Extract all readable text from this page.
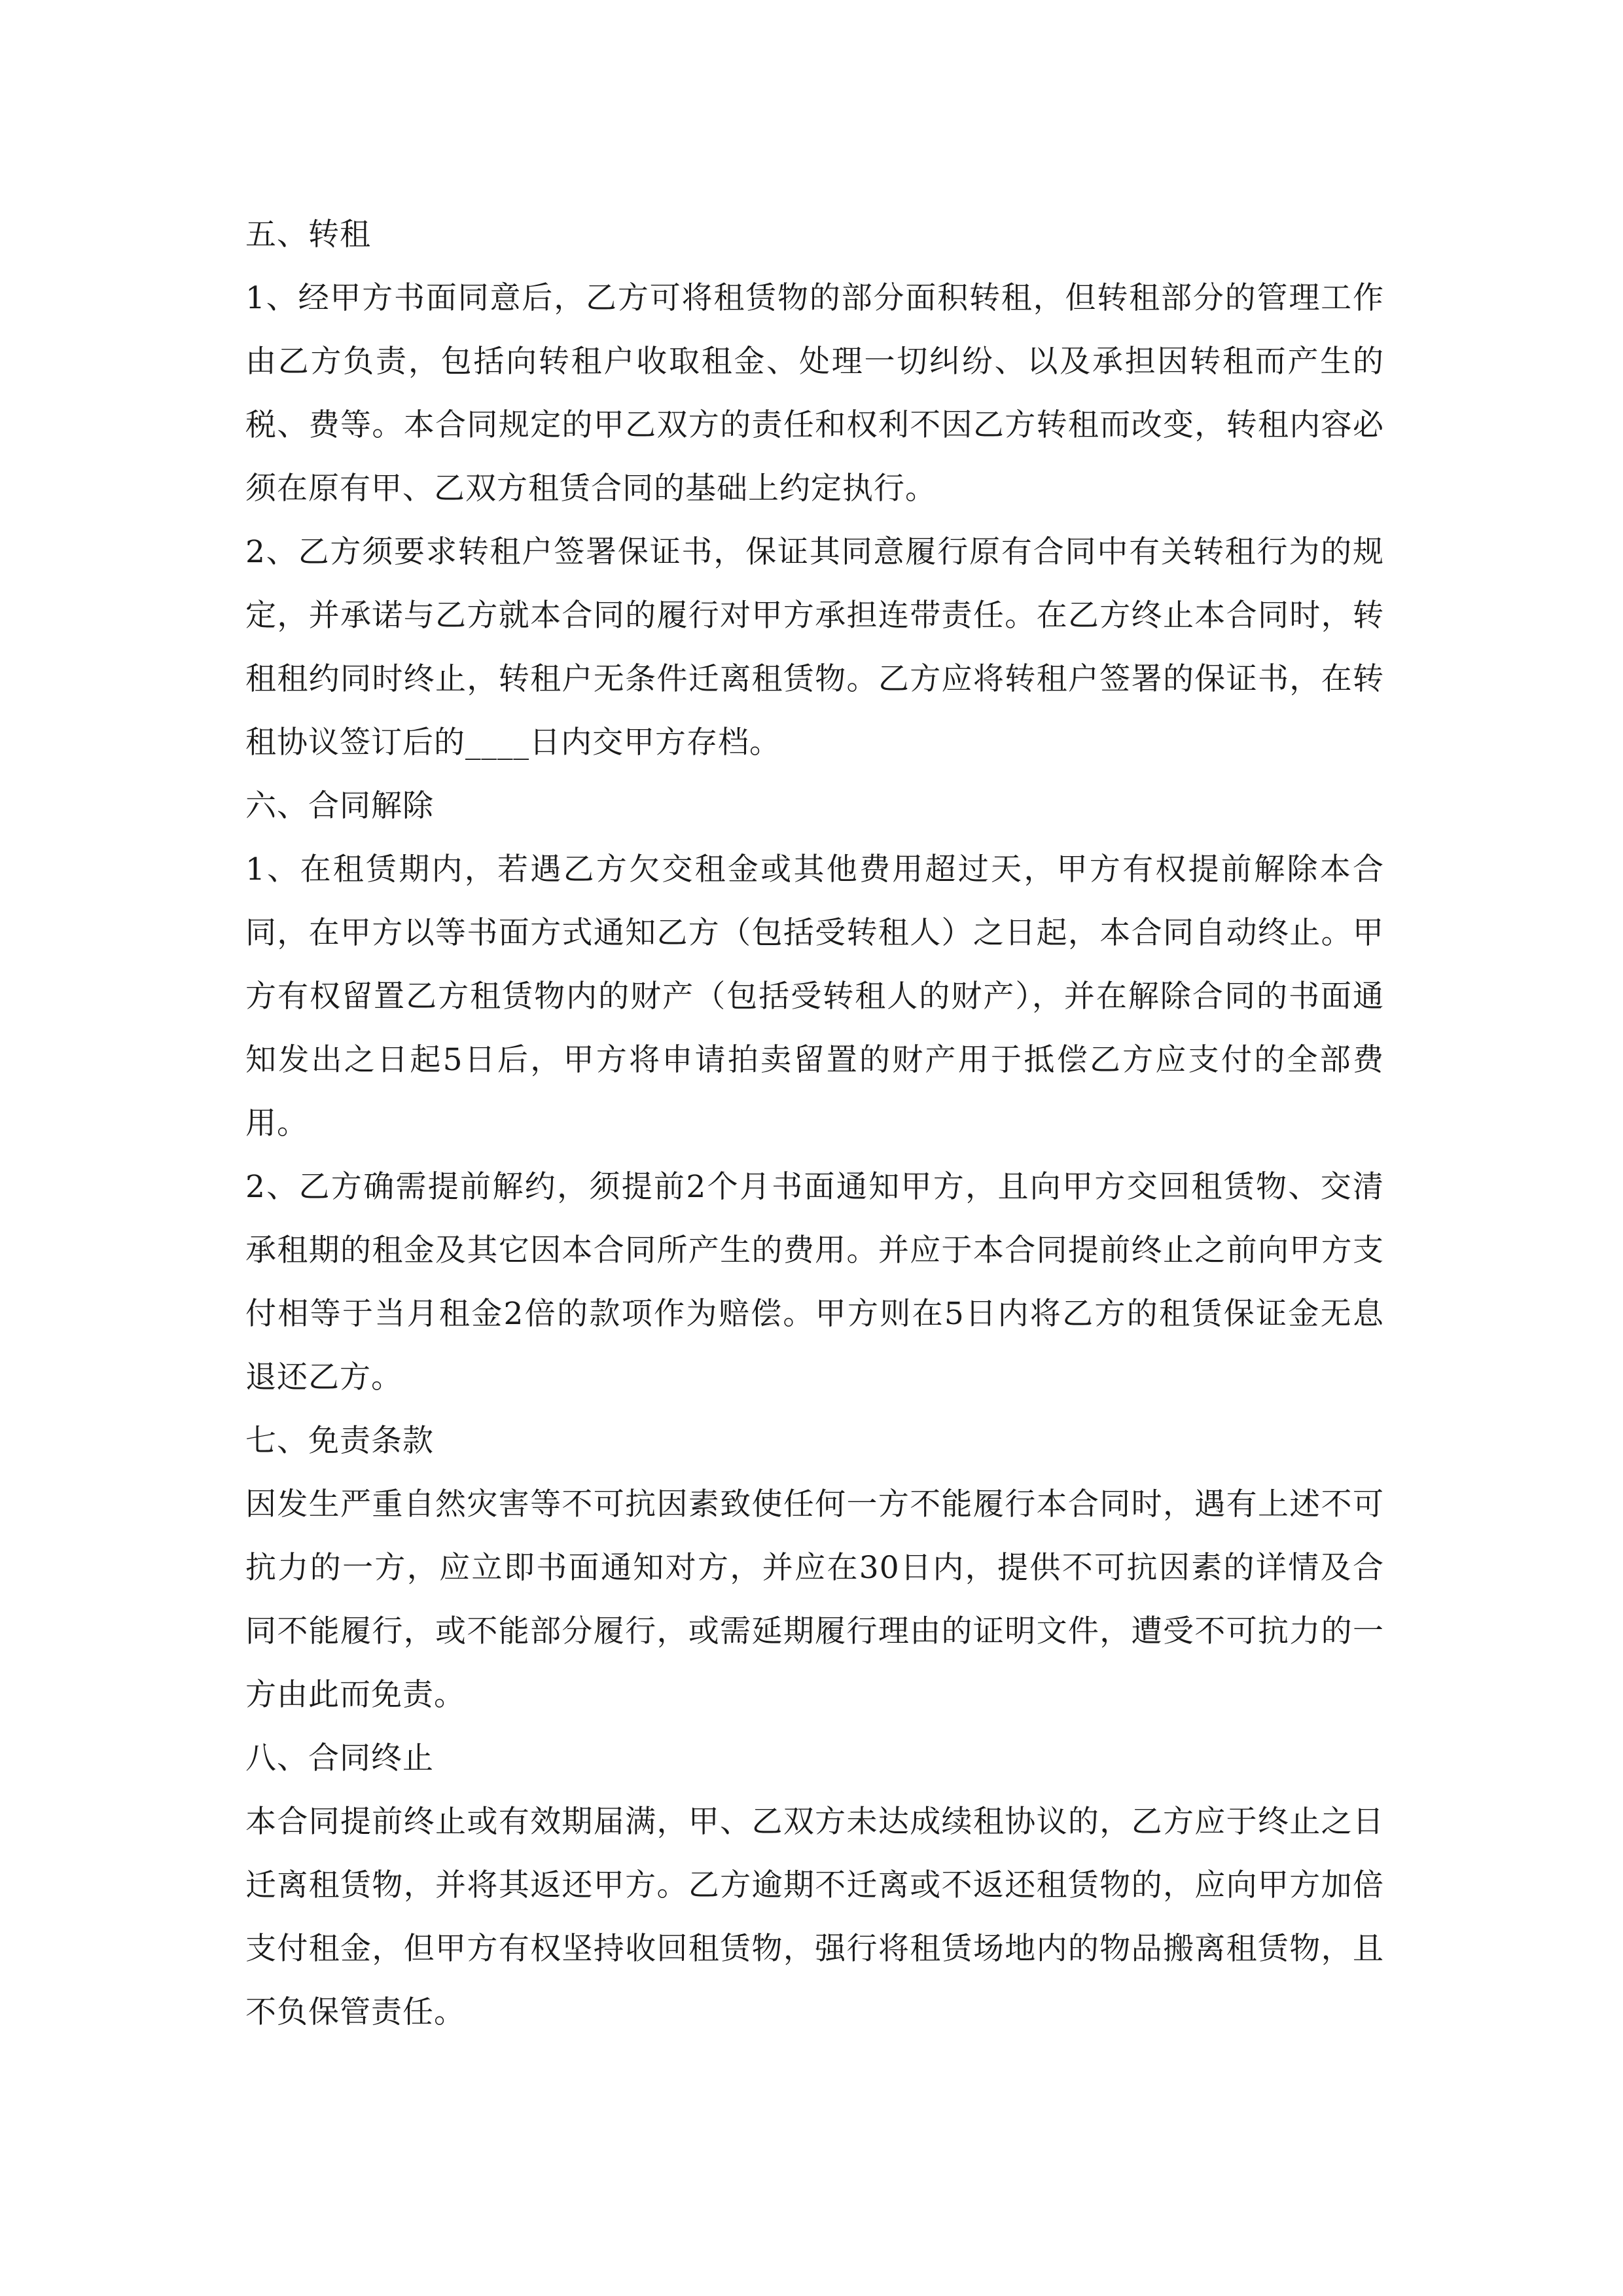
五、转租

1、经甲方书面同意后，乙方可将租赁物的部分面积转租，但转租部分的管理工作由乙方负责，包括向转租户收取租金、处理一切纠纷、以及承担因转租而产生的税、费等。本合同规定的甲乙双方的责任和权利不因乙方转租而改变，转租内容必须在原有甲、乙双方租赁合同的基础上约定执行。

2、乙方须要求转租户签署保证书，保证其同意履行原有合同中有关转租行为的规定，并承诺与乙方就本合同的履行对甲方承担连带责任。在乙方终止本合同时，转租租约同时终止，转租户无条件迁离租赁物。乙方应将转租户签署的保证书，在转租协议签订后的____日内交甲方存档。

六、合同解除

1、在租赁期内，若遇乙方欠交租金或其他费用超过天，甲方有权提前解除本合同，在甲方以等书面方式通知乙方（包括受转租人）之日起，本合同自动终止。甲方有权留置乙方租赁物内的财产（包括受转租人的财产），并在解除合同的书面通知发出之日起5日后，甲方将申请拍卖留置的财产用于抵偿乙方应支付的全部费用。

2、乙方确需提前解约，须提前2个月书面通知甲方，且向甲方交回租赁物、交清承租期的租金及其它因本合同所产生的费用。并应于本合同提前终止之前向甲方支付相等于当月租金2倍的款项作为赔偿。甲方则在5日内将乙方的租赁保证金无息退还乙方。

七、免责条款

因发生严重自然灾害等不可抗因素致使任何一方不能履行本合同时，遇有上述不可抗力的一方，应立即书面通知对方，并应在30日内，提供不可抗因素的详情及合同不能履行，或不能部分履行，或需延期履行理由的证明文件，遭受不可抗力的一方由此而免责。

八、合同终止

本合同提前终止或有效期届满，甲、乙双方未达成续租协议的，乙方应于终止之日迁离租赁物，并将其返还甲方。乙方逾期不迁离或不返还租赁物的，应向甲方加倍支付租金，但甲方有权坚持收回租赁物，强行将租赁场地内的物品搬离租赁物，且不负保管责任。
